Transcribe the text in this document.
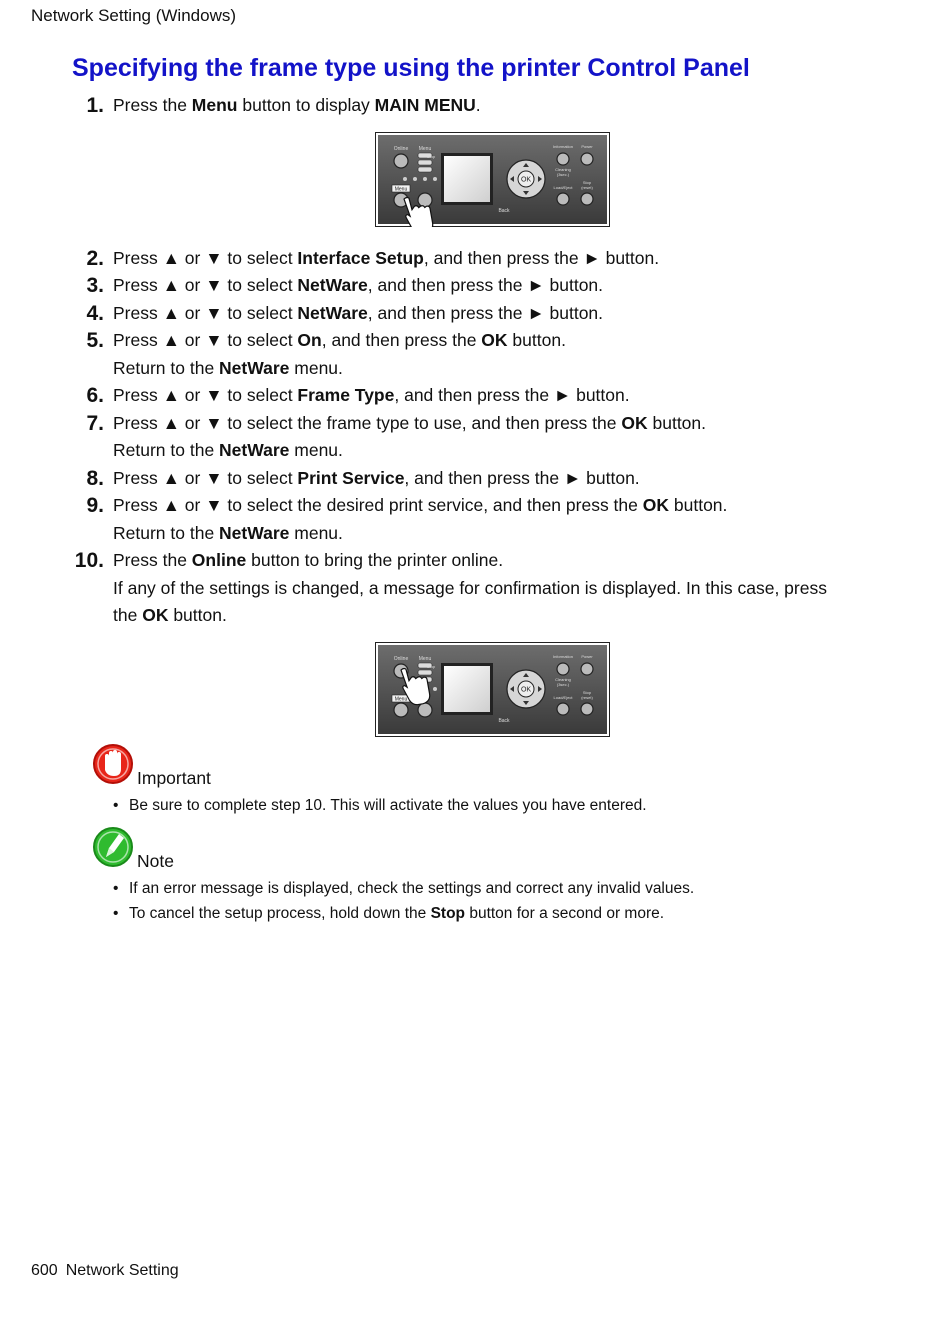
Network Setting (Windows)
Specifying the frame type using the printer Control Panel
1. Press the Menu button to display MAIN MENU.
Online Menu
Stop
Menu
Back
OK
Information Power
Cleaning
(3sec.)
Load/Eject
Stop
(reset)
2. Press ▲ or ▼ to select Interface Setup, and then press the ► button.
3. Press ▲ or ▼ to select NetWare, and then press the ► button.
4. Press ▲ or ▼ to select NetWare, and then press the ► button.
5. Press ▲ or ▼ to select On, and then press the OK button.
Return to the NetWare menu.
6. Press ▲ or ▼ to select Frame Type, and then press the ► button.
7. Press ▲ or ▼ to select the frame type to use, and then press the OK button.
Return to the NetWare menu.
8. Press ▲ or ▼ to select Print Service, and then press the ► button.
9. Press ▲ or ▼ to select the desired print service, and then press the OK button.
Return to the NetWare menu.
10. Press the Online button to bring the printer online.
If any of the settings is changed, a message for confirmation is displayed. In this case, press
the OK button.
Online Menu
Stop
Menu
Back
OK
Information Power
Cleaning
(3sec.)
Load/Eject
Stop
(reset)
Important
• Be sure to complete step 10. This will activate the values you have entered.
Note
• If an error message is displayed, check the settings and correct any invalid values.
• To cancel the setup process, hold down the Stop button for a second or more.
600 Network Setting
